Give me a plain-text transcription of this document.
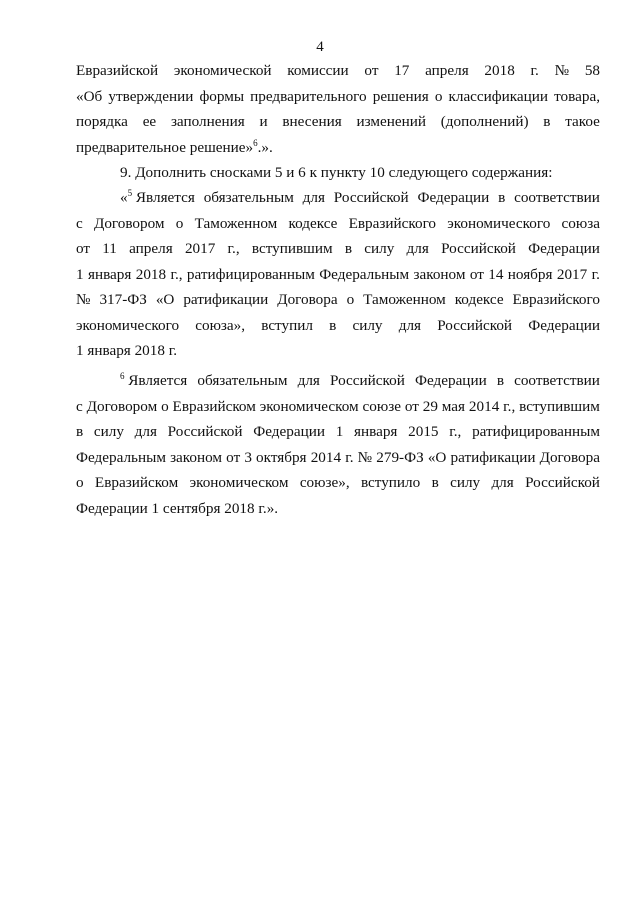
4
Евразийской экономической комиссии от 17 апреля 2018 г. № 58
«Об утверждении формы предварительного решения о классификации товара,
порядка ее заполнения и внесения изменений (дополнений) в такое
предварительное решение»$^6$.».
9. Дополнить сносками 5 и 6 к пункту 10 следующего содержания:
«$^5$ Является обязательным для Российской Федерации в соответствии
с Договором о Таможенном кодексе Евразийского экономического союза
от 11 апреля 2017 г., вступившим в силу для Российской Федерации
1 января 2018 г., ратифицированным Федеральным законом от 14 ноября 2017 г.
№ 317-ФЗ «О ратификации Договора о Таможенном кодексе Евразийского
экономического союза», вступил в силу для Российской Федерации
1 января 2018 г.
$^6$ Является обязательным для Российской Федерации в соответствии
с Договором о Евразийском экономическом союзе от 29 мая 2014 г., вступившим
в силу для Российской Федерации 1 января 2015 г., ратифицированным
Федеральным законом от 3 октября 2014 г. № 279-ФЗ «О ратификации Договора
о Евразийском экономическом союзе», вступило в силу для Российской
Федерации 1 сентября 2018 г.».
